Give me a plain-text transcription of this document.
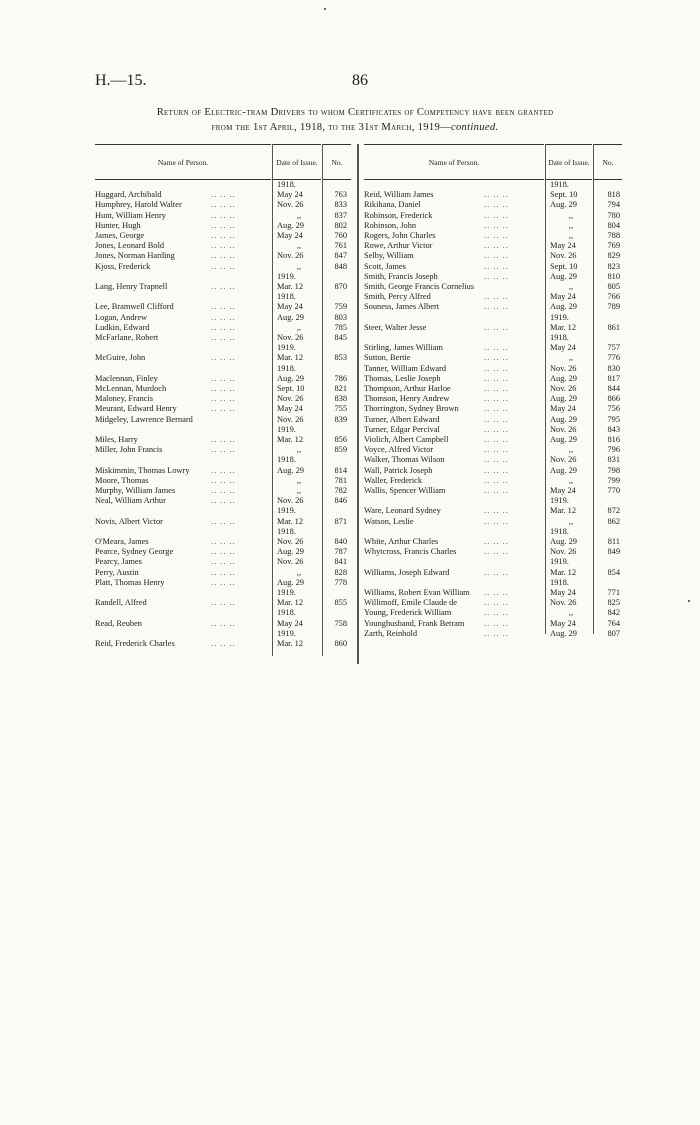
H.—15.	86
Return of Electric-tram Drivers to whom Certificates of Competency have been granted
from the 1st April, 1918, to the 31st March, 1919—continued.
Name of Person.	Date of Issue.	No.
1918.
Huggard, Archibald	.. .. ..	May 24	763
Humphrey, Harold Walter	.. .. ..	Nov. 26	833
Hunt, William Henry	.. .. ..	,,	837
Hunter, Hugh	.. .. ..	Aug. 29	802
James, George	.. .. ..	May 24	760
Jones, Leonard Bold	.. .. ..	,,	761
Jones, Norman Harding	.. .. ..	Nov. 26	847
Kjoss, Frederick	.. .. ..	,,	848
1919.
Lang, Henry Trapnell	.. .. ..	Mar. 12	870
1918.
Lee, Bramwell Clifford	.. .. ..	May 24	759
Logan, Andrew	.. .. ..	Aug. 29	803
Ludkin, Edward	.. .. ..	,,	785
McFarlane, Robert	.. .. ..	Nov. 26	845
1919.
McGuire, John	.. .. ..	Mar. 12	853
1918.
Maclennan, Finley	.. .. ..	Aug. 29	786
McLennan, Murdoch	.. .. ..	Sept. 10	821
Maloney, Francis	.. .. ..	Nov. 26	838
Meurant, Edward Henry	.. .. ..	May 24	755
Midgeley, Lawrence Bernard	Nov. 26	839
1919.
Miles, Harry	.. .. ..	Mar. 12	856
Miller, John Francis	.. .. ..	,,	859
1918.
Miskimmin, Thomas Lowry	.. .. ..	Aug. 29	814
Moore, Thomas	.. .. ..	,,	781
Murphy, William James	.. .. ..	,,	782
Neal, William Arthur	.. .. ..	Nov. 26	846
1919.
Novis, Albert Victor	.. .. ..	Mar. 12	871
1918.
O'Meara, James	.. .. ..	Nov. 26	840
Pearce, Sydney George	.. .. ..	Aug. 29	787
Pearcy, James	.. .. ..	Nov. 26	841
Perry, Austin	.. .. ..	,,	828
Platt, Thomas Henry	.. .. ..	Aug. 29	778
1919.
Randell, Alfred	.. .. ..	Mar. 12	855
1918.
Read, Reuben	.. .. ..	May 24	758
1919.
Reid, Frederick Charles	.. .. ..	Mar. 12	860
Name of Person.	Date of Issue.	No.
1918.
Reid, William James	.. .. ..	Sept. 10	818
Rikihana, Daniel	.. .. ..	Aug. 29	794
Robinson, Frederick	.. .. ..	,,	780
Robinson, John	.. .. ..	,,	804
Rogers, John Charles	.. .. ..	,,	788
Rowe, Arthur Victor	.. .. ..	May 24	769
Selby, William	.. .. ..	Nov. 26	829
Scott, James	.. .. ..	Sept. 10	823
Smith, Francis Joseph	.. .. ..	Aug. 29	810
Smith, George Francis Cornelius	,,	805
Smith, Percy Alfred	.. .. ..	May 24	766
Souness, James Albert	.. .. ..	Aug. 29	789
1919.
Steer, Walter Jesse	.. .. ..	Mar. 12	861
1918.
Stirling, James William	.. .. ..	May 24	757
Sutton, Bertie	.. .. ..	,,	776
Tanner, William Edward	.. .. ..	Nov. 26	830
Thomas, Leslie Joseph	.. .. ..	Aug. 29	817
Thompson, Arthur Harloe	.. .. ..	Nov. 26	844
Thomson, Henry Andrew	.. .. ..	Aug. 29	866
Thorrington, Sydney Brown	.. .. ..	May 24	756
Turner, Albert Edward	.. .. ..	Aug. 29	795
Turner, Edgar Percival	.. .. ..	Nov. 26	843
Violich, Albert Campbell	.. .. ..	Aug. 29	816
Voyce, Alfred Victor	.. .. ..	,,	796
Walker, Thomas Wilson	.. .. ..	Nov. 26	831
Wall, Patrick Joseph	.. .. ..	Aug. 29	798
Waller, Frederick	.. .. ..	,,	799
Wallis, Spencer William	.. .. ..	May 24	770
1919.
Ware, Leonard Sydney	.. .. ..	Mar. 12	872
Watson, Leslie	.. .. ..	,,	862
1918.
White, Arthur Charles	.. .. ..	Aug. 29	811
Whytcross, Francis Charles	.. .. ..	Nov. 26	849
1919.
Williams, Joseph Edward	.. .. ..	Mar. 12	854
1918.
Williams, Robert Evan William .. .. ..	May 24	771
Willimoff, Emile Claude de	.. .. ..	Nov. 26	825
Young, Frederick William	.. .. ..	,,	842
Younghusband, Frank Betram .. .. ..	May 24	764
Zarth, Reinhold	.. .. ..	Aug. 29	807
